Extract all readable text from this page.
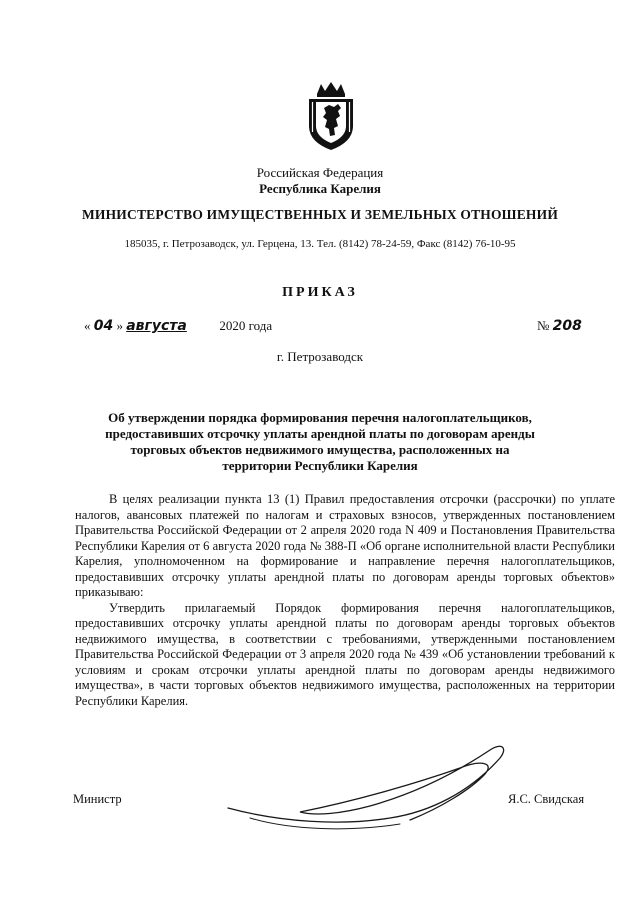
Российская Федерация
Республика Карелия
МИНИСТЕРСТВО ИМУЩЕСТВЕННЫХ И ЗЕМЕЛЬНЫХ ОТНОШЕНИЙ
185035, г. Петрозаводск, ул. Герцена, 13. Тел. (8142) 78-24-59, Факс (8142) 76-10-95
ПРИКАЗ
« 04 » августа	2020 года	№ 208
г. Петрозаводск
Об утверждении порядка формирования перечня налогоплательщиков, предоставивших отсрочку уплаты арендной платы по договорам аренды торговых объектов недвижимого имущества, расположенных на территории Республики Карелия

В целях реализации пункта 13 (1) Правил предоставления отсрочки (рассрочки) по уплате налогов, авансовых платежей по налогам и страховых взносов, утвержденных постановлением Правительства Российской Федерации от 2 апреля 2020 года N 409 и Постановления Правительства Республики Карелия от 6 августа 2020 года № 388-П «Об органе исполнительной власти Республики Карелия, уполномоченном на формирование и направление перечня налогоплательщиков, предоставивших отсрочку уплаты арендной платы по договорам аренды торговых объектов» приказываю:

Утвердить прилагаемый Порядок формирования перечня налогоплательщиков, предоставивших отсрочку уплаты арендной платы по договорам аренды торговых объектов недвижимого имущества, в соответствии с требованиями, утвержденными постановлением Правительства Российской Федерации от 3 апреля 2020 года № 439 «Об установлении требований к условиям и срокам отсрочки уплаты арендной платы по договорам аренды недвижимого имущества», в части торговых объектов недвижимого имущества, расположенных на территории Республики Карелия.

Министр	Я.С. Свидская
